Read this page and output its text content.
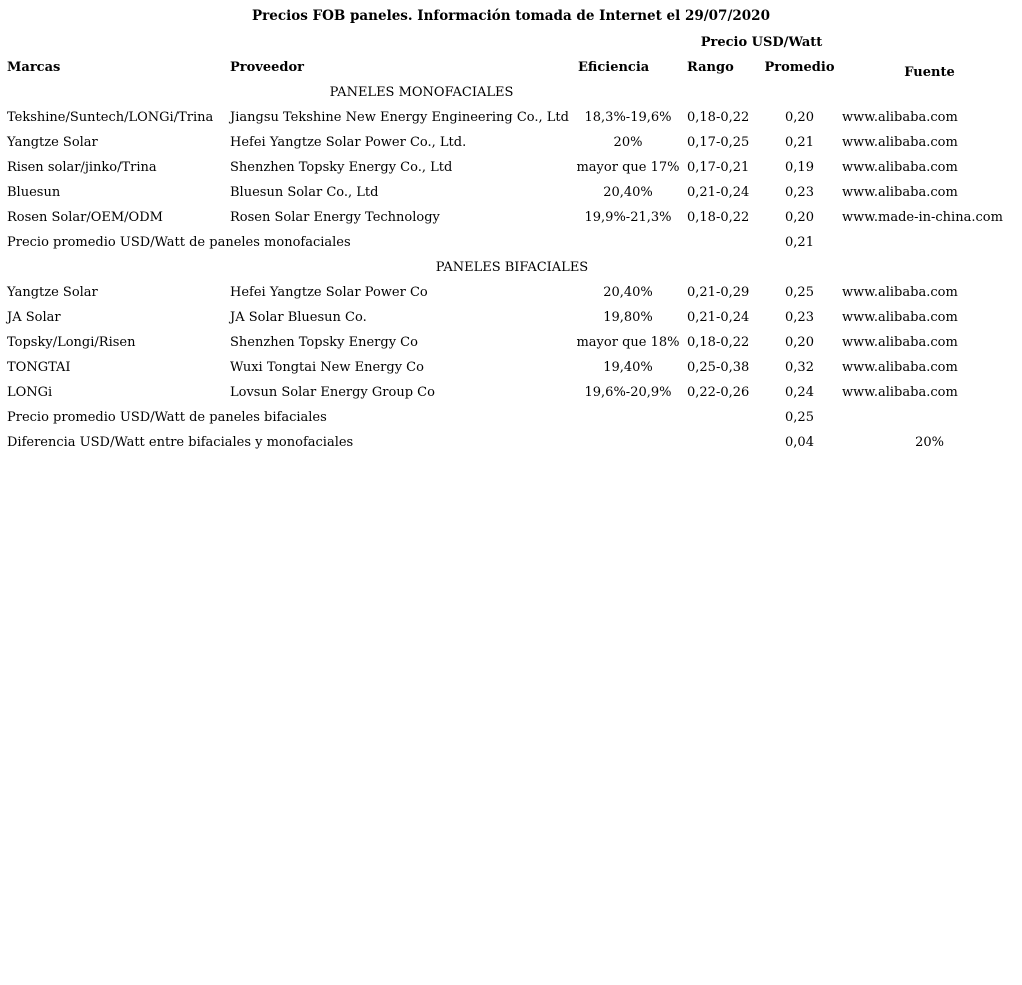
Precios FOB paneles. Información tomada de Internet el 29/07/2020
			Precio USD/Watt		
Marcas	Proveedor	Eficiencia	Rango	Promedio	Fuente
PANELES MONOFACIALES					
Tekshine/Suntech/LONGi/Trina	Jiangsu Tekshine New Energy Engineering Co., Ltd	18,3%-19,6%	0,18-0,22	0,20	www.alibaba.com
Yangtze Solar	Hefei Yangtze Solar Power Co., Ltd.	20%	0,17-0,25	0,21	www.alibaba.com
Risen solar/jinko/Trina	Shenzhen Topsky Energy Co., Ltd	mayor que 17%	0,17-0,21	0,19	www.alibaba.com
Bluesun	Bluesun Solar Co., Ltd	20,40%	0,21-0,24	0,23	www.alibaba.com
Rosen Solar/OEM/ODM	Rosen Solar Energy Technology	19,9%-21,3%	0,18-0,22	0,20	www.made-in-china.com
Precio promedio USD/Watt de paneles monofaciales				0,21	
PANELES BIFACIALES					
Yangtze Solar	Hefei Yangtze Solar Power Co	20,40%	0,21-0,29	0,25	www.alibaba.com
JA Solar	JA Solar Bluesun Co.	19,80%	0,21-0,24	0,23	www.alibaba.com
Topsky/Longi/Risen	Shenzhen Topsky Energy Co	mayor que 18%	0,18-0,22	0,20	www.alibaba.com
TONGTAI	Wuxi Tongtai New Energy Co	19,40%	0,25-0,38	0,32	www.alibaba.com
LONGi	Lovsun Solar Energy Group Co	19,6%-20,9%	0,22-0,26	0,24	www.alibaba.com
Precio promedio USD/Watt de paneles bifaciales				0,25	
Diferencia USD/Watt entre bifaciales y monofaciales				0,04	20%
